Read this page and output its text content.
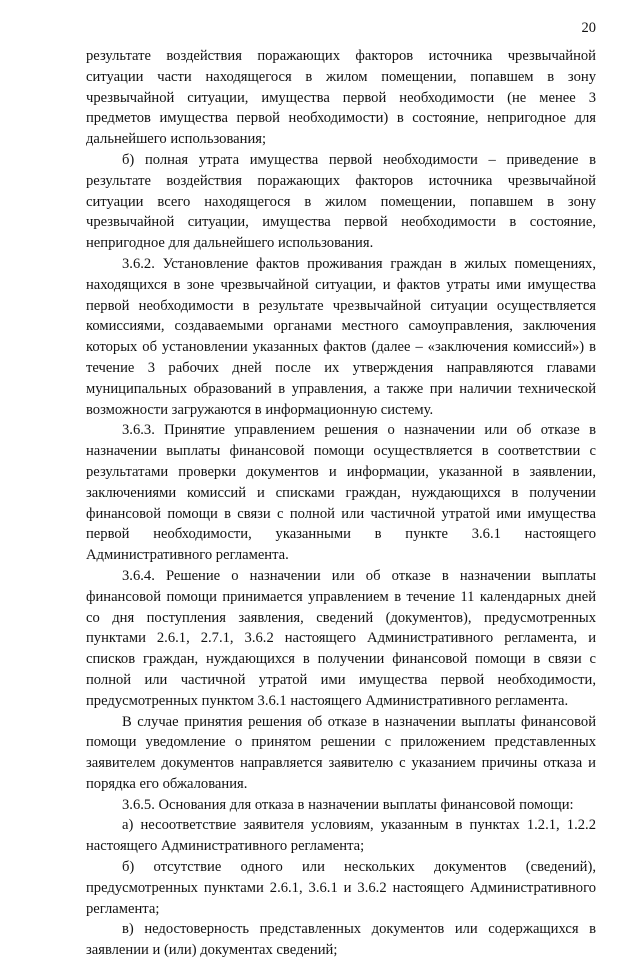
20

результате воздействия поражающих факторов источника чрезвычайной ситуации части находящегося в жилом помещении, попавшем в зону чрезвычайной ситуации, имущества первой необходимости (не менее 3 предметов имущества первой необходимости) в состояние, непригодное для дальнейшего использования;

б) полная утрата имущества первой необходимости – приведение в результате воздействия поражающих факторов источника чрезвычайной ситуации всего находящегося в жилом помещении, попавшем в зону чрезвычайной ситуации, имущества первой необходимости в состояние, непригодное для дальнейшего использования.

3.6.2. Установление фактов проживания граждан в жилых помещениях, находящихся в зоне чрезвычайной ситуации, и фактов утраты ими имущества первой необходимости в результате чрезвычайной ситуации осуществляется комиссиями, создаваемыми органами местного самоуправления, заключения которых об установлении указанных фактов (далее – «заключения комиссий») в течение 3 рабочих дней после их утверждения направляются главами муниципальных образований в управления, а также при наличии технической возможности загружаются в информационную систему.

3.6.3. Принятие управлением решения о назначении или об отказе в назначении выплаты финансовой помощи осуществляется в соответствии с результатами проверки документов и информации, указанной в заявлении, заключениями комиссий и списками граждан, нуждающихся в получении финансовой помощи в связи с полной или частичной утратой ими имущества первой необходимости, указанными в пункте 3.6.1 настоящего Административного регламента.

3.6.4. Решение о назначении или об отказе в назначении выплаты финансовой помощи принимается управлением в течение 11 календарных дней со дня поступления заявления, сведений (документов), предусмотренных пунктами 2.6.1, 2.7.1, 3.6.2 настоящего Административного регламента, и списков граждан, нуждающихся в получении финансовой помощи в связи с полной или частичной утратой ими имущества первой необходимости, предусмотренных пунктом 3.6.1 настоящего Административного регламента.

В случае принятия решения об отказе в назначении выплаты финансовой помощи уведомление о принятом решении с приложением представленных заявителем документов направляется заявителю с указанием причины отказа и порядка его обжалования.

3.6.5. Основания для отказа в назначении выплаты финансовой помощи:

а) несоответствие заявителя условиям, указанным в пунктах 1.2.1, 1.2.2 настоящего Административного регламента;

б) отсутствие одного или нескольких документов (сведений), предусмотренных пунктами 2.6.1, 3.6.1 и 3.6.2 настоящего Административного регламента;

в) недостоверность представленных документов или содержащихся в заявлении и (или) документах сведений;
